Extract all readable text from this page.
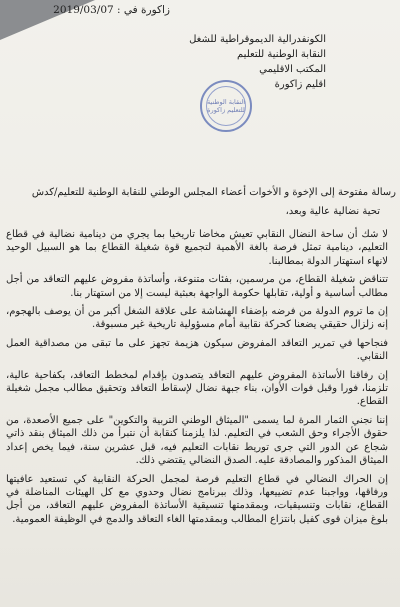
زاكورة في : 2019/03/07
الكونفدرالية الديموقراطية للشغل
النقابة الوطنية للتعليم
المكتب الاقليمي
اقليم زاكورة
النقابة الوطنية للتعليم زاكورة
رسالة مفتوحة إلى الإخوة و الأخوات أعضاء المجلس الوطني للنقابة الوطنية للتعليم/كدش
تحية نضالية عالية وبعد،

لا شك أن ساحة النضال النقابي تعيش مخاضا تاريخيا بما يجري من دينامية نضالية في قطاع التعليم، دينامية تمثل فرصة بالغة الأهمية لتجميع قوة شغيلة القطاع بما هو السبيل الوحيد لانهاء استهتار الدولة بمطالبنا.

تتناقض شغيلة القطاع، من مرسمين، بفئات متنوعة، وأساتذة مفروض عليهم التعاقد من أجل مطالب أساسية و أولية، تقابلها حكومة الواجهة بعبثية ليست إلا من استهتار بنا.

إن ما تروم الدولة من فرضه بإضفاء الهشاشة على علاقة الشغل أكبر من أن يوصف بالهجوم، إنه زلزال حقيقي يضعنا كحركة نقابية أمام مسؤولية تاريخية غير مسبوقة.

فنجاحها في تمرير التعاقد المفروض سيكون هزيمة تجهز على ما تبقى من مصداقية العمل النقابي.

إن رفاقنا الأساتذة المفروض عليهم التعاقد يتصدون بإقدام لمخطط التعاقد، بكفاحية عالية، تلزمنا، فورا وقبل فوات الأوان، بناء جبهة نضال لإسقاط التعاقد وتحقيق مطالب مجمل شغيلة القطاع.

إننا نجني الثمار المرة لما يسمى "الميثاق الوطني التربية والتكوين" على جميع الأصعدة، من حقوق الأجراء وحق الشعب في التعليم. لذا يلزمنا كنقابة أن نتبرأ من ذلك الميثاق بنقد ذاتي شجاع عن الدور التي جرى توريط نقابات التعليم فيه، قبل عشرين سنة، فيما يخص إعداد الميثاق المذكور والمصادقة عليه. الصدق النضالي يقتضي ذلك.

إن الحراك النضالي في قطاع التعليم فرصة لمجمل الحركة النقابية كي تستعيد عافيتها ورفاقها، وواجبنا عدم تضييعها، وذلك ببرنامج نضال وحدوي مع كل الهيئات المناضلة في القطاع، نقابات وتنسيقيات، وبمقدمتها تنسيقية الأساتذة المفروض عليهم التعاقد، من أجل بلوغ ميزان قوى كفيل بانتزاع المطالب وبمقدمتها الغاء التعاقد والدمج في الوظيفة العمومية.
